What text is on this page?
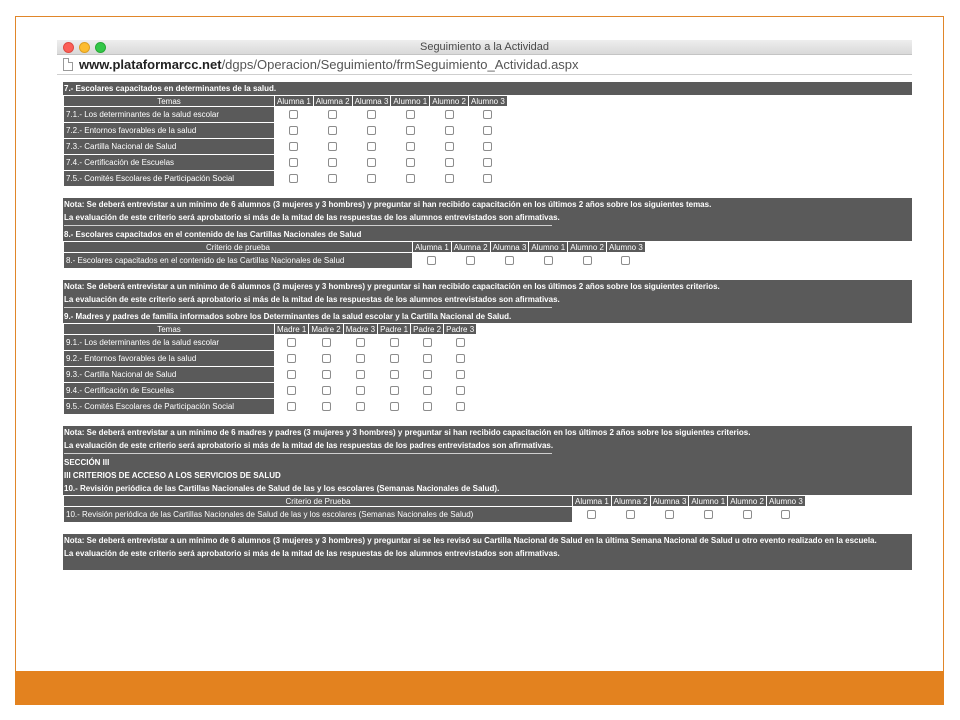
Seguimiento a la Actividad
www.plataformarcc.net/dgps/Operacion/Seguimiento/frmSeguimiento_Actividad.aspx
7.- Escolares capacitados en determinantes de la salud.
Temas	Alumna 1	Alumna 2	Alumna 3	Alumno 1	Alumno 2	Alumno 3
7.1.- Los determinantes de la salud escolar						
7.2.- Entornos favorables de la salud						
7.3.- Cartilla Nacional de Salud						
7.4.- Certificación de Escuelas						
7.5.- Comités Escolares de Participación Social						
Nota: Se deberá entrevistar a un mínimo de 6 alumnos (3 mujeres y 3 hombres) y preguntar si han recibido capacitación en los últimos 2 años sobre los siguientes temas.
La evaluación de este criterio será aprobatorio si más de la mitad de las respuestas de los alumnos entrevistados son afirmativas.
8.- Escolares capacitados en el contenido de las Cartillas Nacionales de Salud
Criterio de prueba	Alumna 1	Alumna 2	Alumna 3	Alumno 1	Alumno 2	Alumno 3
8.- Escolares capacitados en el contenido de las Cartillas Nacionales de Salud						
Nota: Se deberá entrevistar a un mínimo de 6 alumnos (3 mujeres y 3 hombres) y preguntar si han recibido capacitación en los últimos 2 años sobre los siguientes criterios.
La evaluación de este criterio será aprobatorio si más de la mitad de las respuestas de los alumnos entrevistados son afirmativas.
9.- Madres y padres de familia informados sobre los Determinantes de la salud escolar y la Cartilla Nacional de Salud.
Temas	Madre 1	Madre 2	Madre 3	Padre 1	Padre 2	Padre 3
9.1.- Los determinantes de la salud escolar						
9.2.- Entornos favorables de la salud						
9.3.- Cartilla Nacional de Salud						
9.4.- Certificación de Escuelas						
9.5.- Comités Escolares de Participación Social						
Nota: Se deberá entrevistar a un mínimo de 6 madres y padres (3 mujeres y 3 hombres) y preguntar si han recibido capacitación en los últimos 2 años sobre los siguientes criterios.
La evaluación de este criterio será aprobatorio si más de la mitad de las respuestas de los padres entrevistados son afirmativas.
SECCIÓN III
III CRITERIOS DE ACCESO A LOS SERVICIOS DE SALUD
10.- Revisión periódica de las Cartillas Nacionales de Salud de las y los escolares (Semanas Nacionales de Salud).
Criterio de Prueba	Alumna 1	Alumna 2	Alumna 3	Alumno 1	Alumno 2	Alumno 3
10.- Revisión periódica de las Cartillas Nacionales de Salud de las y los escolares (Semanas Nacionales de Salud)						
Nota: Se deberá entrevistar a un mínimo de 6 alumnos (3 mujeres y 3 hombres) y preguntar si se les revisó su Cartilla Nacional de Salud en la última Semana Nacional de Salud u otro evento realizado en la escuela.
La evaluación de este criterio será aprobatorio si más de la mitad de las respuestas de los alumnos entrevistados son afirmativas.
